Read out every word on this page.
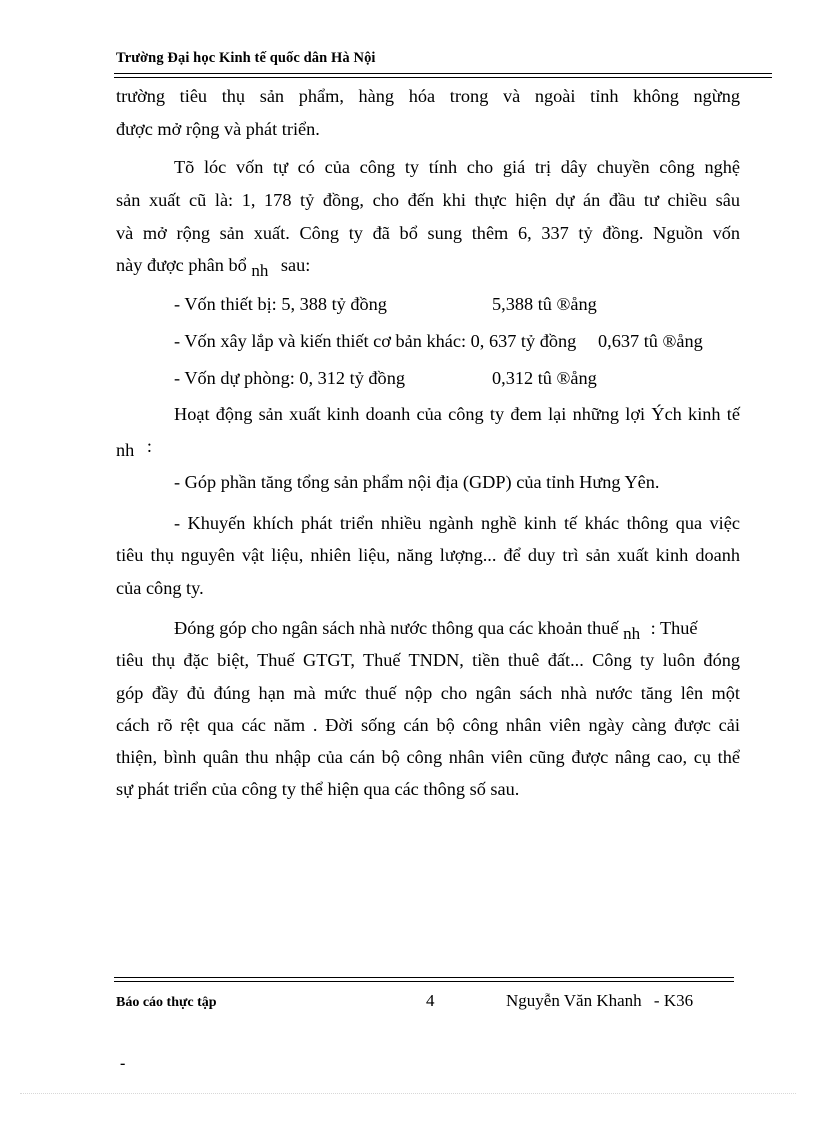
Trường Đại học Kinh tế quốc dân Hà Nội
trường tiêu thụ sản phẩm, hàng hóa trong và ngoài tỉnh không ngừng
được mở rộng và phát triển.
Tõ lóc vốn tự có của công ty tính cho giá trị dây chuyền công nghệ
sản xuất cũ là: 1, 178 tỷ đồng, cho đến khi thực hiện dự án đầu tư chiều sâu
và mở rộng sản xuất. Công ty đã bổ sung thêm 6, 337 tỷ đồng. Nguồn vốn
này được phân bổ nh sau:
- Vốn thiết bị: 5, 388 tỷ đồng	5,388 tû ®ång
- Vốn xây lắp và kiến thiết cơ bản khác: 0, 637 tỷ đồng 0,637 tû ®ång
- Vốn dự phòng: 0, 312 tỷ đồng	0,312 tû ®ång
Hoạt động sản xuất kinh doanh của công ty đem lại những lợi Ých kinh tế
nh :
- Góp phần tăng tổng sản phẩm nội địa (GDP) của tỉnh Hưng Yên.
- Khuyến khích phát triển nhiều ngành nghề kinh tế khác thông qua việc
tiêu thụ nguyên vật liệu, nhiên liệu, năng lượng... để duy trì sản xuất kinh doanh
của công ty.
Đóng góp cho ngân sách nhà nước thông qua các khoản thuế nh : Thuế
tiêu thụ đặc biệt, Thuế GTGT, Thuế TNDN, tiền thuê đất... Công ty luôn đóng
góp đầy đủ đúng hạn mà mức thuế nộp cho ngân sách nhà nước tăng lên một
cách rõ rệt qua các năm . Đời sống cán bộ công nhân viên ngày càng được cải
thiện, bình quân thu nhập của cán bộ công nhân viên cũng được nâng cao, cụ thể
sự phát triển của công ty thể hiện qua các thông số sau.
Báo cáo thực tập	4	Nguyễn Văn Khanh - K36
-
